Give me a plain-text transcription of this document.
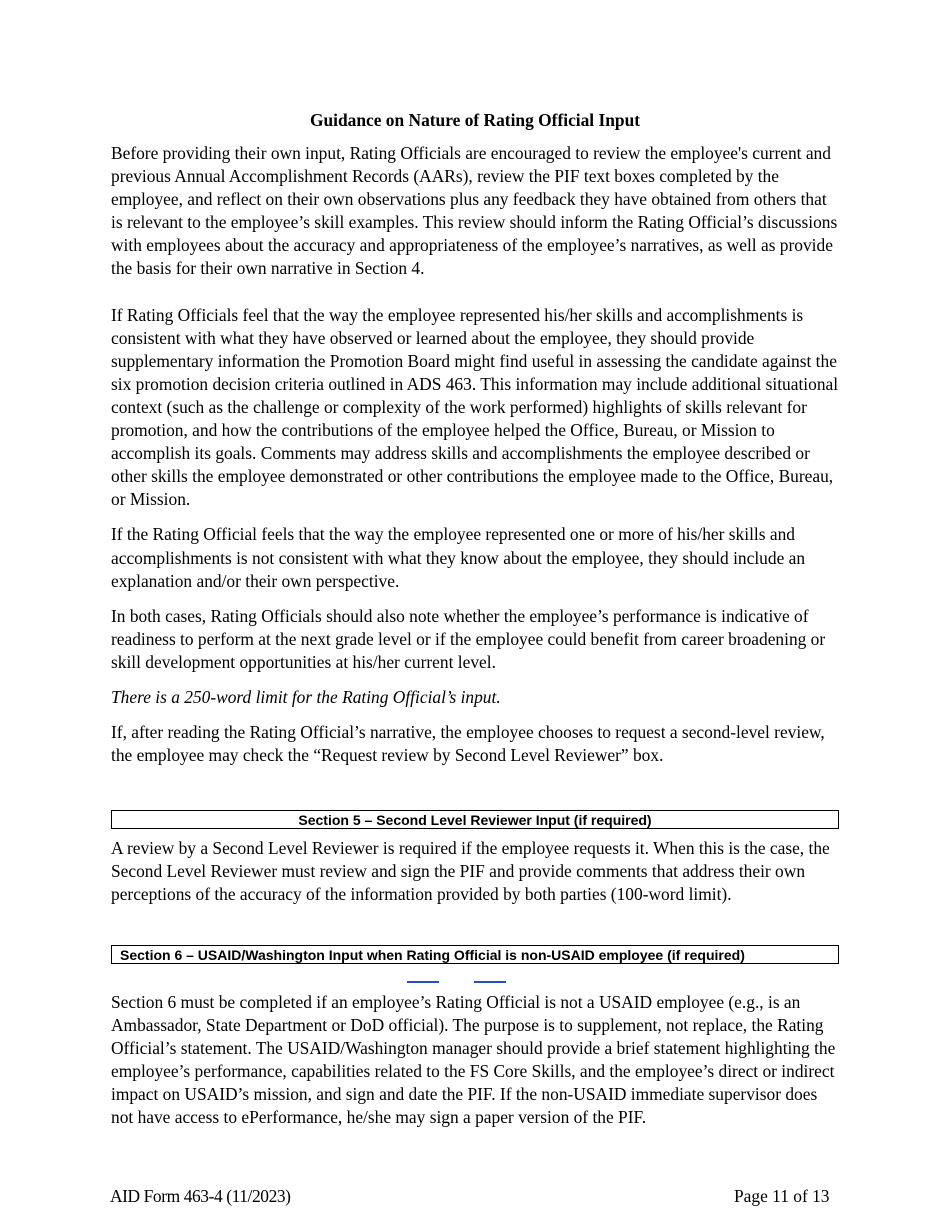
Guidance on Nature of Rating Official Input

Before providing their own input, Rating Officials are encouraged to review the employee's current and previous Annual Accomplishment Records (AARs), review the PIF text boxes completed by the employee, and reflect on their own observations plus any feedback they have obtained from others that is relevant to the employee’s skill examples. This review should inform the Rating Official’s discussions with employees about the accuracy and appropriateness of the employee’s narratives, as well as provide the basis for their own narrative in Section 4.

If Rating Officials feel that the way the employee represented his/her skills and accomplishments is consistent with what they have observed or learned about the employee, they should provide supplementary information the Promotion Board might find useful in assessing the candidate against the six promotion decision criteria outlined in ADS 463. This information may include additional situational context (such as the challenge or complexity of the work performed) highlights of skills relevant for promotion, and how the contributions of the employee helped the Office, Bureau, or Mission to accomplish its goals. Comments may address skills and accomplishments the employee described or other skills the employee demonstrated or other contributions the employee made to the Office, Bureau, or Mission.

If the Rating Official feels that the way the employee represented one or more of his/her skills and accomplishments is not consistent with what they know about the employee, they should include an explanation and/or their own perspective.

In both cases, Rating Officials should also note whether the employee’s performance is indicative of readiness to perform at the next grade level or if the employee could benefit from career broadening or skill development opportunities at his/her current level.

There is a 250-word limit for the Rating Official’s input.

If, after reading the Rating Official’s narrative, the employee chooses to request a second-level review, the employee may check the “Request review by Second Level Reviewer” box.

Section 5 – Second Level Reviewer Input (if required)

A review by a Second Level Reviewer is required if the employee requests it. When this is the case, the Second Level Reviewer must review and sign the PIF and provide comments that address their own perceptions of the accuracy of the information provided by both parties (100-word limit).

Section 6 – USAID/Washington Input when Rating Official is non-USAID employee (if required)

Section 6 must be completed if an employee’s Rating Official is not a USAID employee (e.g., is an Ambassador, State Department or DoD official). The purpose is to supplement, not replace, the Rating Official’s statement. The USAID/Washington manager should provide a brief statement highlighting the employee’s performance, capabilities related to the FS Core Skills, and the employee’s direct or indirect impact on USAID’s mission, and sign and date the PIF. If the non-USAID immediate supervisor does not have access to ePerformance, he/she may sign a paper version of the PIF.

AID Form 463-4 (11/2023)	Page 11 of 13
